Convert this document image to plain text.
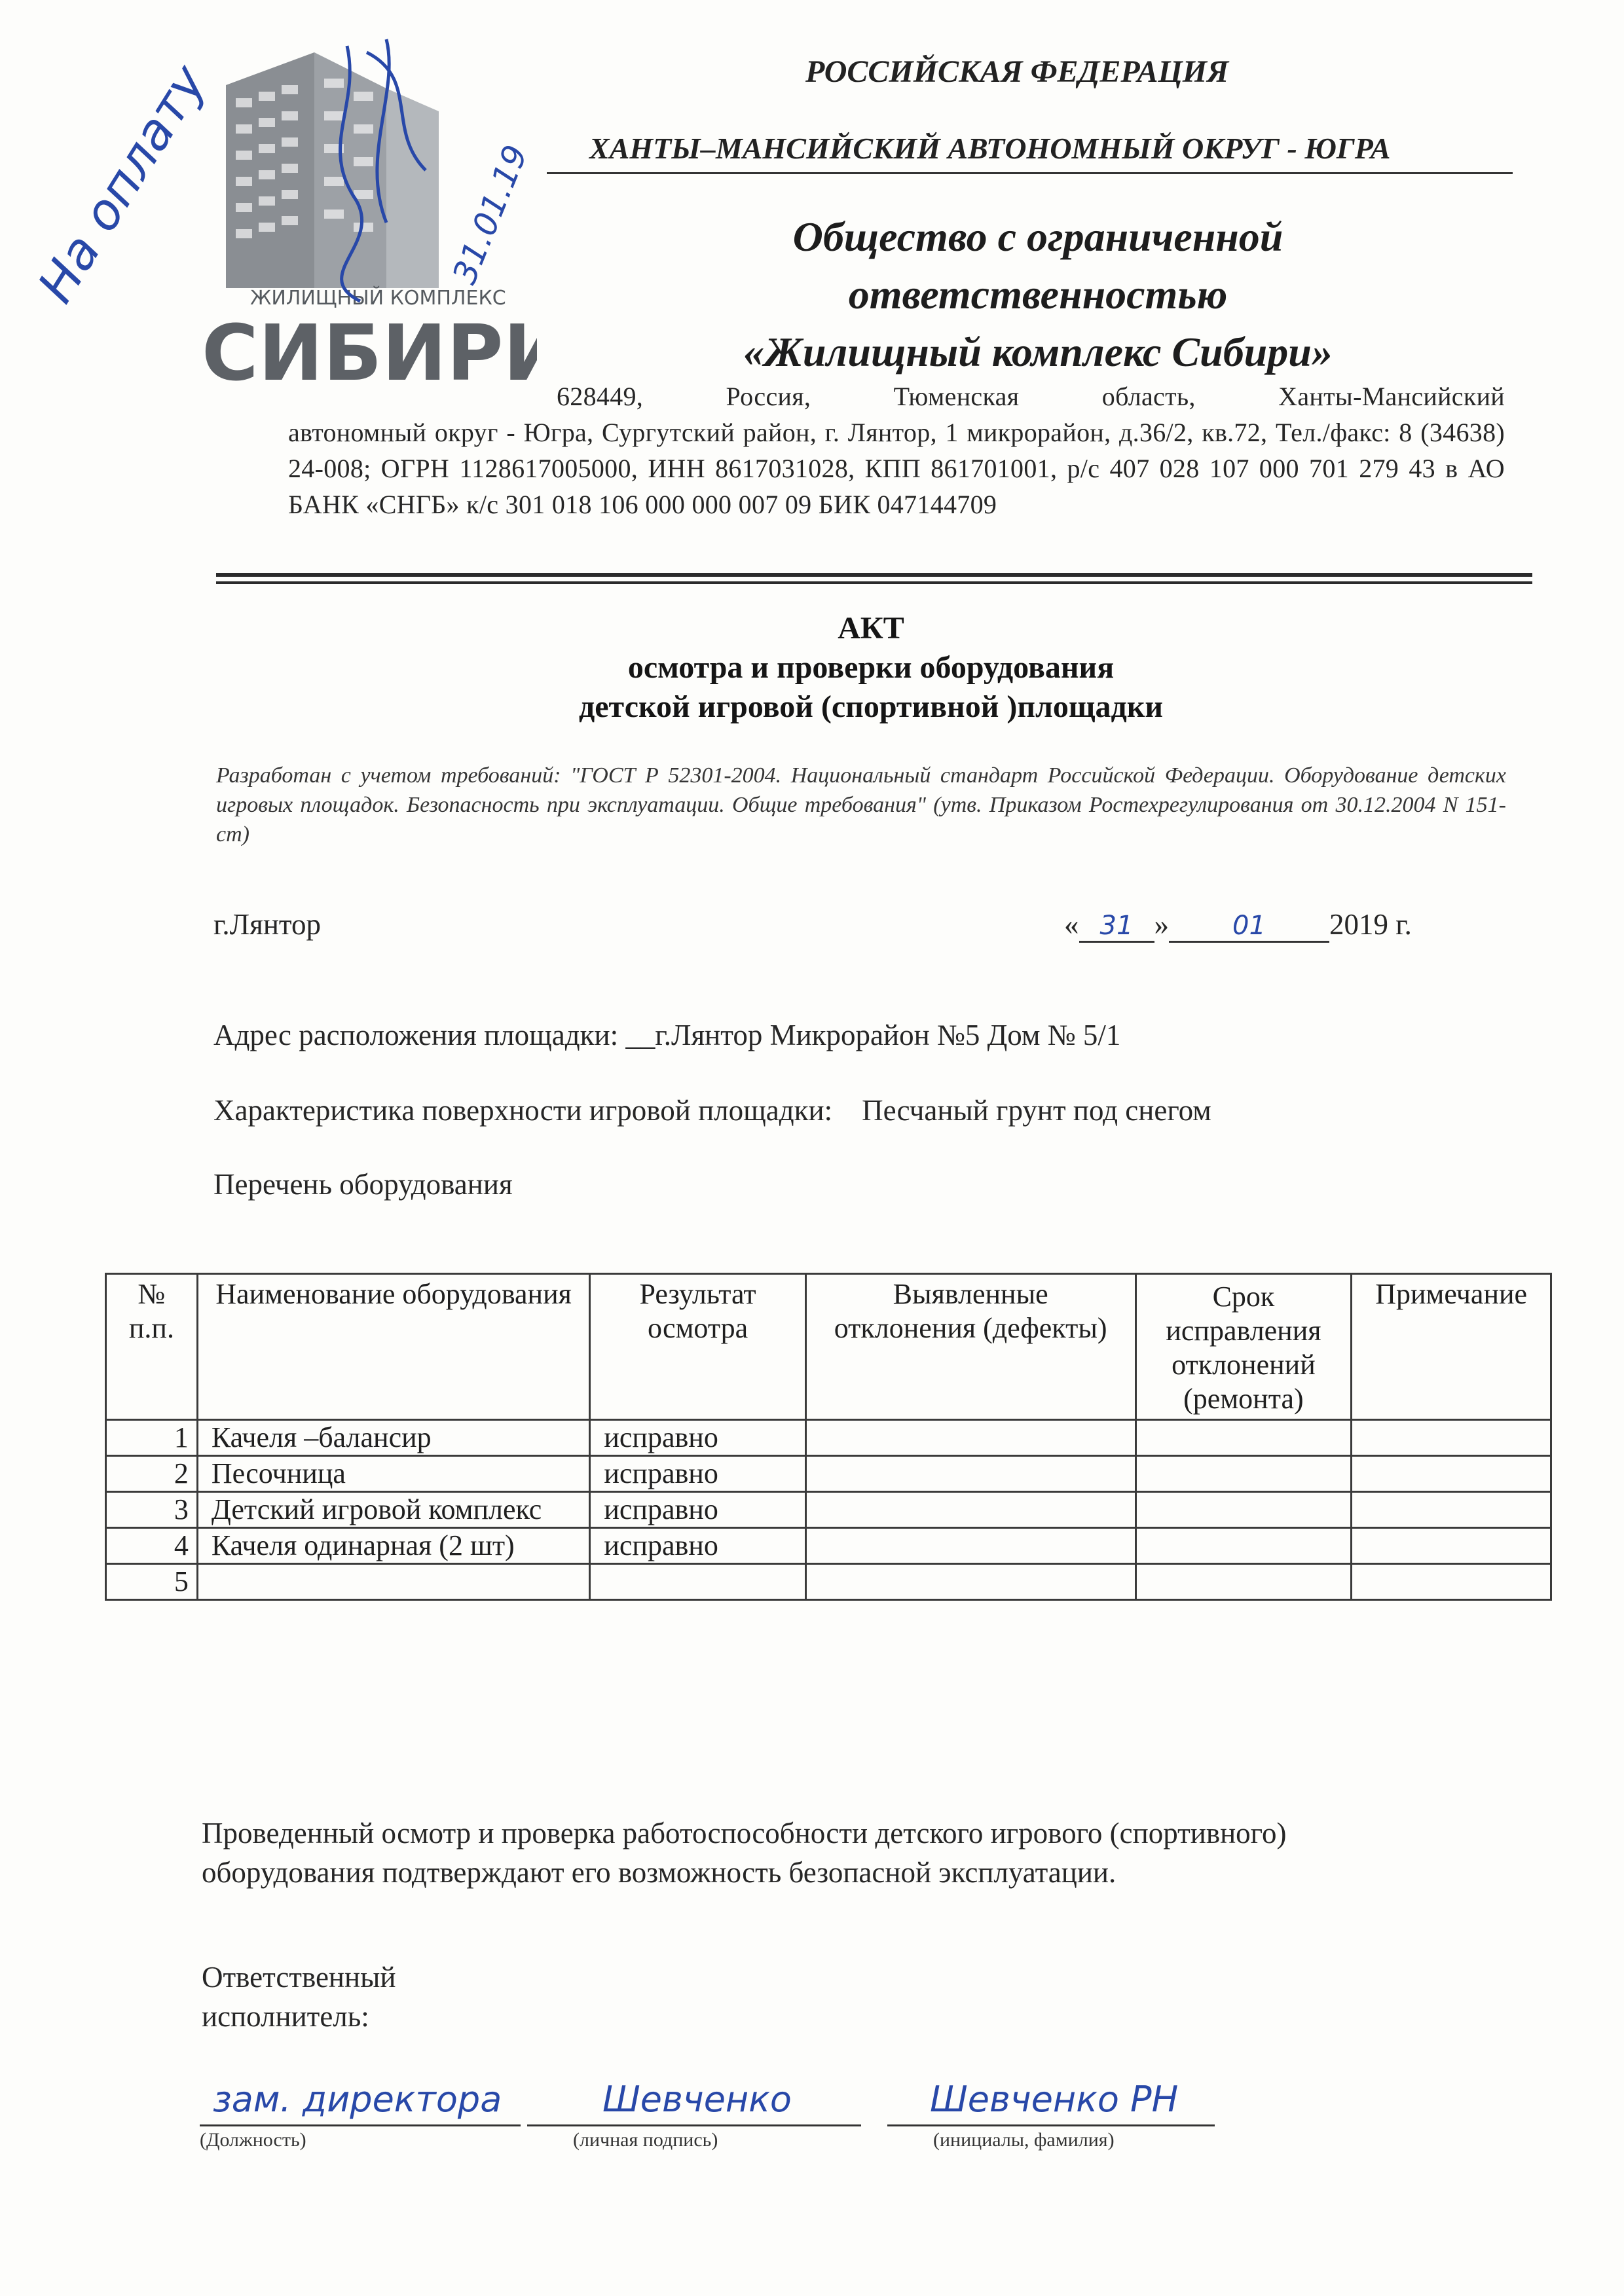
ЖИЛИЩНЫЙ КОМПЛЕКС
СИБИРИ
На оплату	31.01.19
РОССИЙСКАЯ ФЕДЕРАЦИЯ
ХАНТЫ–МАНСИЙСКИЙ АВТОНОМНЫЙ ОКРУГ - ЮГРА
Общество с ограниченной
ответственностью
«Жилищный комплекс Сибири»
628449, Россия, Тюменская область, Ханты-Мансийский
автономный округ - Югра, Сургутский район, г. Лянтор, 1 микрорайон, д.36/2, кв.72, Тел./факс: 8 (34638) 24-008; ОГРН 1128617005000, ИНН 8617031028, КПП 861701001, р/с 407 028 107 000 701 279 43 в АО БАНК «СНГБ» к/с 301 018 106 000 000 007 09 БИК 047144709
АКТ
осмотра и проверки оборудования
детской игровой (спортивной )площадки
Разработан с учетом требований: "ГОСТ Р 52301-2004. Национальный стандарт Российской Федерации. Оборудование детских игровых площадок. Безопасность при эксплуатации. Общие требования" (утв. Приказом Ростехрегулирования от 30.12.2004 N 151-ст)
г.Лянтор	« 31 » 01 2019 г.
Адрес расположения площадки: __г.Лянтор Микрорайон №5 Дом № 5/1
Характеристика поверхности игровой площадки: Песчаный грунт под снегом
Перечень оборудования
№ п.п.	Наименование оборудования	Результат осмотра	Выявленные отклонения (дефекты)	Срок исправления отклонений (ремонта)	Примечание
1	Качеля –балансир	исправно			
2	Песочница	исправно			
3	Детский игровой комплекс	исправно			
4	Качеля одинарная (2 шт)	исправно			
5					
Проведенный осмотр и проверка работоспособности детского игрового (спортивного) оборудования подтверждают его возможность безопасной эксплуатации.
Ответственный
исполнитель:
зам. директора
(Должность)
Шевченко
(личная подпись)
Шевченко РН
(инициалы, фамилия)
